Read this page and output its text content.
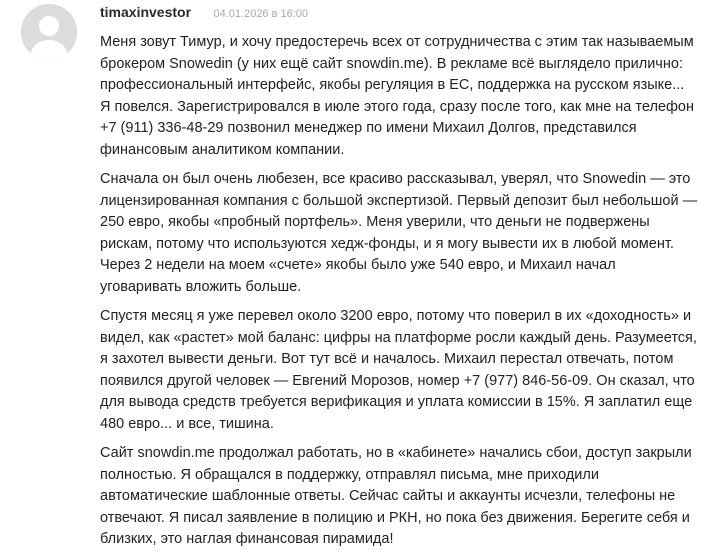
timaxinvestor 04.01.2026 в 16:00

Меня зовут Тимур, и хочу предостеречь всех от сотрудничества с этим так называемым брокером Snowedin (у них ещё сайт snowdin.me). В рекламе всё выглядело прилично: профессиональный интерфейс, якобы регуляция в ЕС, поддержка на русском языке... Я повелся. Зарегистрировался в июле этого года, сразу после того, как мне на телефон +7 (911) 336-48-29 позвонил менеджер по имени Михаил Долгов, представился финансовым аналитиком компании.

Сначала он был очень любезен, все красиво рассказывал, уверял, что Snowedin — это лицензированная компания с большой экспертизой. Первый депозит был небольшой — 250 евро, якобы «пробный портфель». Меня уверили, что деньги не подвержены рискам, потому что используются хедж-фонды, и я могу вывести их в любой момент. Через 2 недели на моем «счете» якобы было уже 540 евро, и Михаил начал уговаривать вложить больше.

Спустя месяц я уже перевел около 3200 евро, потому что поверил в их «доходность» и видел, как «растет» мой баланс: цифры на платформе росли каждый день. Разумеется, я захотел вывести деньги. Вот тут всё и началось. Михаил перестал отвечать, потом появился другой человек — Евгений Морозов, номер +7 (977) 846-56-09. Он сказал, что для вывода средств требуется верификация и уплата комиссии в 15%. Я заплатил еще 480 евро... и все, тишина.

Сайт snowdin.me продолжал работать, но в «кабинете» начались сбои, доступ закрыли полностью. Я обращался в поддержку, отправлял письма, мне приходили автоматические шаблонные ответы. Сейчас сайты и аккаунты исчезли, телефоны не отвечают. Я писал заявление в полицию и РКН, но пока без движения. Берегите себя и близких, это наглая финансовая пирамида!
